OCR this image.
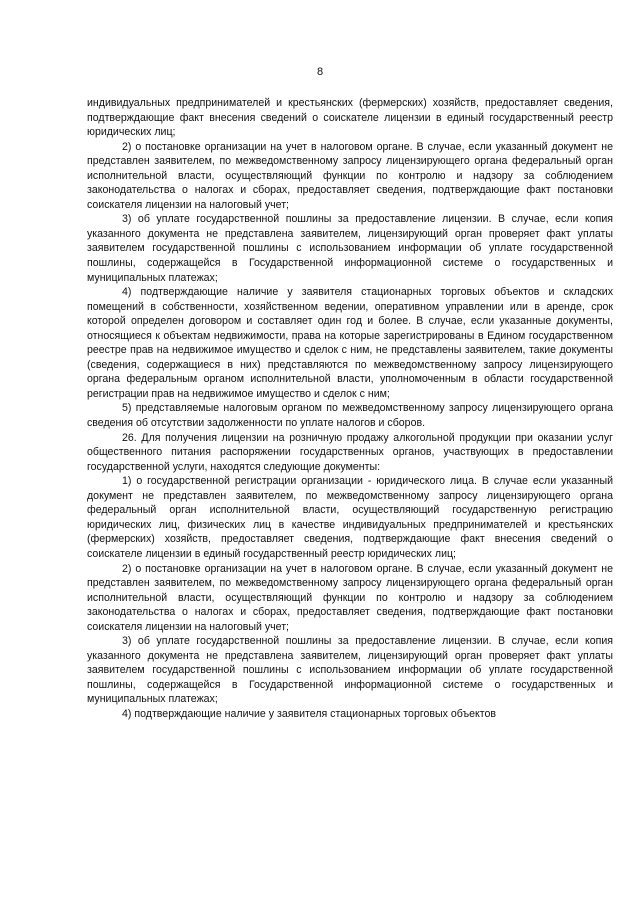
8

индивидуальных предпринимателей и крестьянских (фермерских) хозяйств, предоставляет сведения, подтверждающие факт внесения сведений о соискателе лицензии в единый государственный реестр юридических лиц;

2) о постановке организации на учет в налоговом органе. В случае, если указанный документ не представлен заявителем, по межведомственному запросу лицензирующего органа федеральный орган исполнительной власти, осуществляющий функции по контролю и надзору за соблюдением законодательства о налогах и сборах, предоставляет сведения, подтверждающие факт постановки соискателя лицензии на налоговый учет;

3) об уплате государственной пошлины за предоставление лицензии. В случае, если копия указанного документа не представлена заявителем, лицензирующий орган проверяет факт уплаты заявителем государственной пошлины с использованием информации об уплате государственной пошлины, содержащейся в Государственной информационной системе о государственных и муниципальных платежах;

4) подтверждающие наличие у заявителя стационарных торговых объектов и складских помещений в собственности, хозяйственном ведении, оперативном управлении или в аренде, срок которой определен договором и составляет один год и более. В случае, если указанные документы, относящиеся к объектам недвижимости, права на которые зарегистрированы в Едином государственном реестре прав на недвижимое имущество и сделок с ним, не представлены заявителем, такие документы (сведения, содержащиеся в них) представляются по межведомственному запросу лицензирующего органа федеральным органом исполнительной власти, уполномоченным в области государственной регистрации прав на недвижимое имущество и сделок с ним;

5) представляемые налоговым органом по межведомственному запросу лицензирующего органа сведения об отсутствии задолженности по уплате налогов и сборов.

26. Для получения лицензии на розничную продажу алкогольной продукции при оказании услуг общественного питания распоряжении государственных органов, участвующих в предоставлении государственной услуги, находятся следующие документы:

1) о государственной регистрации организации - юридического лица. В случае если указанный документ не представлен заявителем, по межведомственному запросу лицензирующего органа федеральный орган исполнительной власти, осуществляющий государственную регистрацию юридических лиц, физических лиц в качестве индивидуальных предпринимателей и крестьянских (фермерских) хозяйств, предоставляет сведения, подтверждающие факт внесения сведений о соискателе лицензии в единый государственный реестр юридических лиц;

2) о постановке организации на учет в налоговом органе. В случае, если указанный документ не представлен заявителем, по межведомственному запросу лицензирующего органа федеральный орган исполнительной власти, осуществляющий функции по контролю и надзору за соблюдением законодательства о налогах и сборах, предоставляет сведения, подтверждающие факт постановки соискателя лицензии на налоговый учет;

3) об уплате государственной пошлины за предоставление лицензии. В случае, если копия указанного документа не представлена заявителем, лицензирующий орган проверяет факт уплаты заявителем государственной пошлины с использованием информации об уплате государственной пошлины, содержащейся в Государственной информационной системе о государственных и муниципальных платежах;

4) подтверждающие наличие у заявителя стационарных торговых объектов
